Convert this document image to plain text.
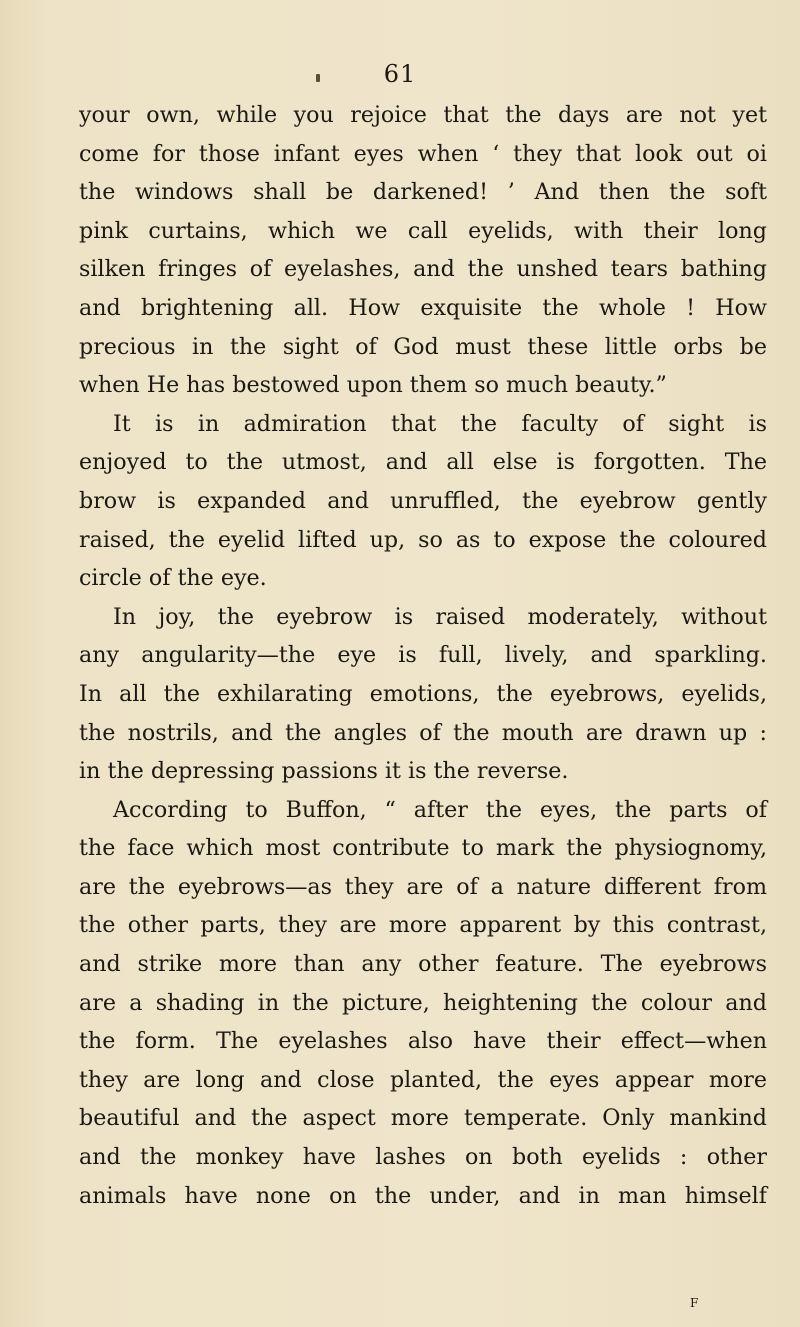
61
your own, while you rejoice that the days are not yet
come for those infant eyes when ‘ they that look out oi
the windows shall be darkened! ’ And then the soft
pink curtains, which we call eyelids, with their long
silken fringes of eyelashes, and the unshed tears bathing
and brightening all. How exquisite the whole ! How
precious in the sight of God must these little orbs be
when He has bestowed upon them so much beauty.”
It is in admiration that the faculty of sight is
enjoyed to the utmost, and all else is forgotten. The
brow is expanded and unruffled, the eyebrow gently
raised, the eyelid lifted up, so as to expose the coloured
circle of the eye.
In joy, the eyebrow is raised moderately, without
any angularity—the eye is full, lively, and sparkling.
In all the exhilarating emotions, the eyebrows, eyelids,
the nostrils, and the angles of the mouth are drawn up :
in the depressing passions it is the reverse.
According to Buffon, “ after the eyes, the parts of
the face which most contribute to mark the physiognomy,
are the eyebrows—as they are of a nature different from
the other parts, they are more apparent by this contrast,
and strike more than any other feature. The eyebrows
are a shading in the picture, heightening the colour and
the form. The eyelashes also have their effect—when
they are long and close planted, the eyes appear more
beautiful and the aspect more temperate. Only mankind
and the monkey have lashes on both eyelids : other
animals have none on the under, and in man himself
F
